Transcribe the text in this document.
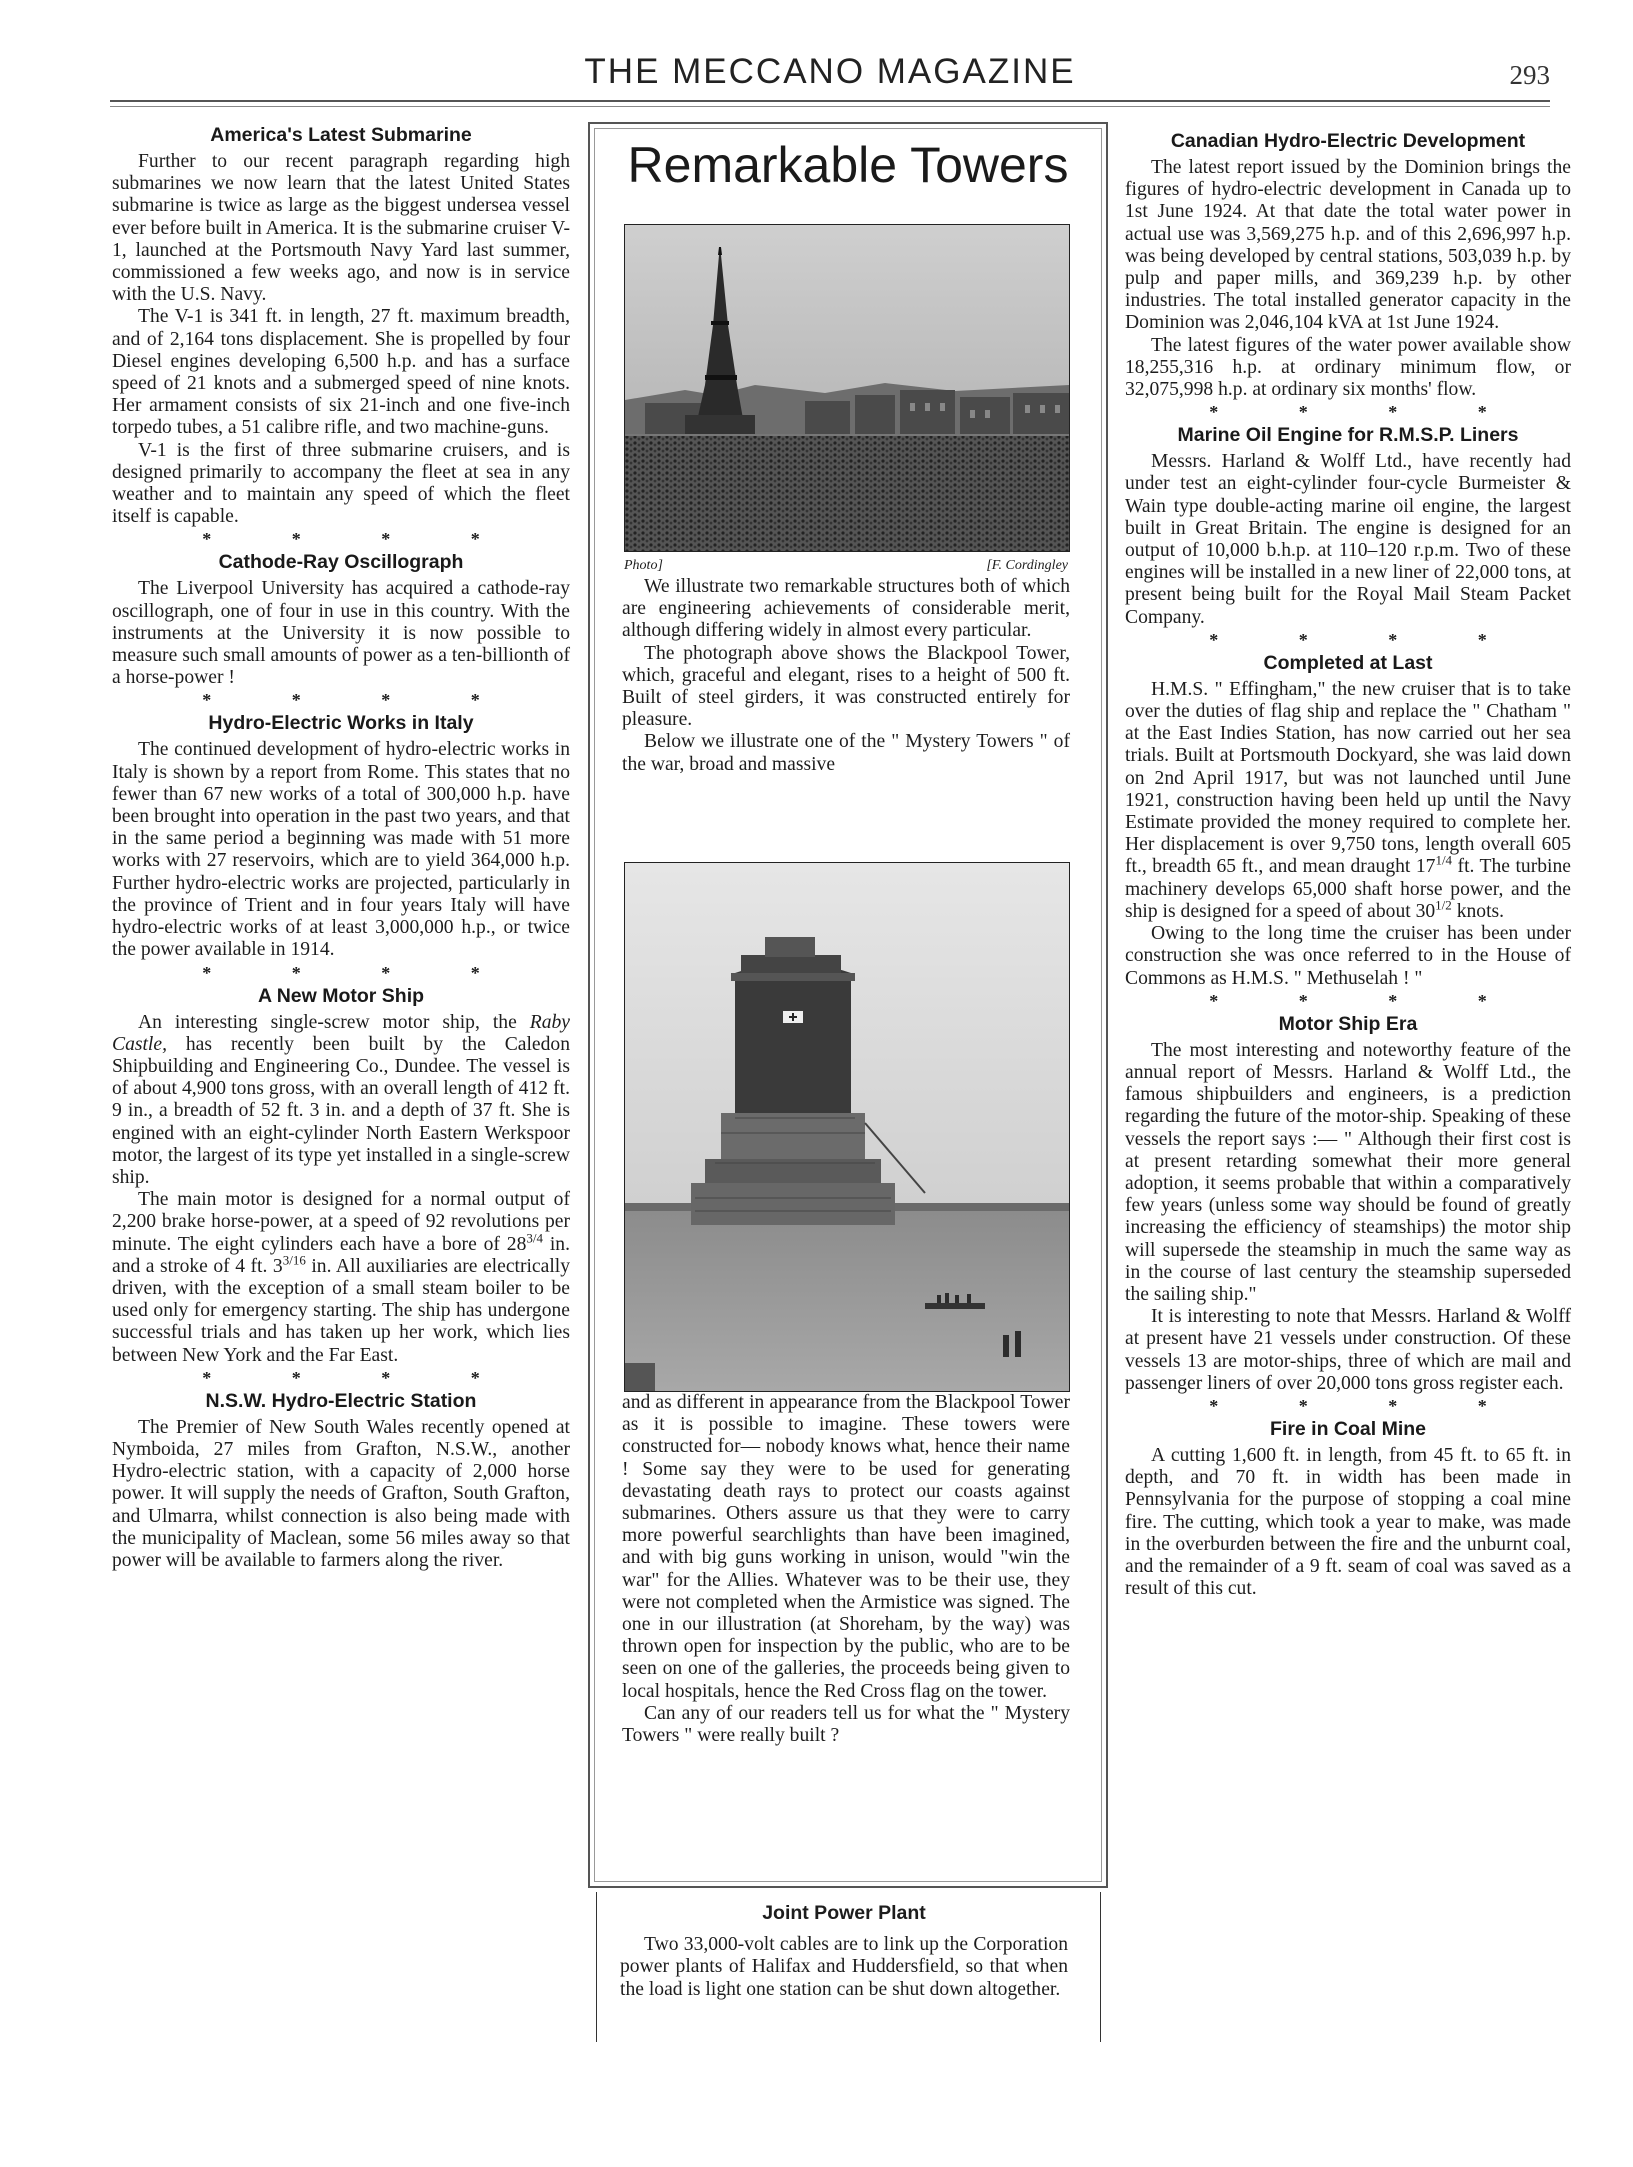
THE MECCANO MAGAZINE	293
America's Latest Submarine

Further to our recent paragraph regarding high submarines we now learn that the latest United States submarine is twice as large as the biggest undersea vessel ever before built in America. It is the submarine cruiser V-1, launched at the Portsmouth Navy Yard last summer, commissioned a few weeks ago, and now is in service with the U.S. Navy.

The V-1 is 341 ft. in length, 27 ft. maximum breadth, and of 2,164 tons displacement. She is propelled by four Diesel engines developing 6,500 h.p. and has a surface speed of 21 knots and a submerged speed of nine knots. Her armament consists of six 21-inch and one five-inch torpedo tubes, a 51 calibre rifle, and two machine-guns.

V-1 is the first of three submarine cruisers, and is designed primarily to accompany the fleet at sea in any weather and to maintain any speed of which the fleet itself is capable.

* * * *
Cathode-Ray Oscillograph

The Liverpool University has acquired a cathode-ray oscillograph, one of four in use in this country. With the instruments at the University it is now possible to measure such small amounts of power as a ten-billionth of a horse-power !

* * * *
Hydro-Electric Works in Italy

The continued development of hydro-electric works in Italy is shown by a report from Rome. This states that no fewer than 67 new works of a total of 300,000 h.p. have been brought into operation in the past two years, and that in the same period a beginning was made with 51 more works with 27 reservoirs, which are to yield 364,000 h.p. Further hydro-electric works are projected, particularly in the province of Trient and in four years Italy will have hydro-electric works of at least 3,000,000 h.p., or twice the power available in 1914.

* * * *
A New Motor Ship

An interesting single-screw motor ship, the Raby Castle, has recently been built by the Caledon Shipbuilding and Engineering Co., Dundee. The vessel is of about 4,900 tons gross, with an overall length of 412 ft. 9 in., a breadth of 52 ft. 3 in. and a depth of 37 ft. She is engined with an eight-cylinder North Eastern Werkspoor motor, the largest of its type yet installed in a single-screw ship.

The main motor is designed for a normal output of 2,200 brake horse-power, at a speed of 92 revolutions per minute. The eight cylinders each have a bore of $28^{3/4}$ in. and a stroke of 4 ft. $3^{3/16}$ in. All auxiliaries are electrically driven, with the exception of a small steam boiler to be used only for emergency starting. The ship has undergone successful trials and has taken up her work, which lies between New York and the Far East.

* * * *
N.S.W. Hydro-Electric Station

The Premier of New South Wales recently opened at Nymboida, 27 miles from Grafton, N.S.W., another Hydro-electric station, with a capacity of 2,000 horse power. It will supply the needs of Grafton, South Grafton, and Ulmarra, whilst connection is also being made with the municipality of Maclean, some 56 miles away so that power will be available to farmers along the river.

Remarkable Towers
Photo]	[F. Cordingley

We illustrate two remarkable structures both of which are engineering achievements of considerable merit, although differing widely in almost every particular.

The photograph above shows the Blackpool Tower, which, graceful and elegant, rises to a height of 500 ft. Built of steel girders, it was constructed entirely for pleasure.

Below we illustrate one of the " Mystery Towers " of the war, broad and massive

and as different in appearance from the Blackpool Tower as it is possible to imagine. These towers were constructed for— nobody knows what, hence their name ! Some say they were to be used for generating devastating death rays to protect our coasts against submarines. Others assure us that they were to carry more powerful searchlights than have been imagined, and with big guns working in unison, would "win the war" for the Allies. Whatever was to be their use, they were not completed when the Armistice was signed. The one in our illustration (at Shoreham, by the way) was thrown open for inspection by the public, who are to be seen on one of the galleries, the proceeds being given to local hospitals, hence the Red Cross flag on the tower.

Can any of our readers tell us for what the " Mystery Towers " were really built ?

Joint Power Plant

Two 33,000-volt cables are to link up the Corporation power plants of Halifax and Huddersfield, so that when the load is light one station can be shut down altogether.

Canadian Hydro-Electric Development

The latest report issued by the Dominion brings the figures of hydro-electric development in Canada up to 1st June 1924. At that date the total water power in actual use was 3,569,275 h.p. and of this 2,696,997 h.p. was being developed by central stations, 503,039 h.p. by pulp and paper mills, and 369,239 h.p. by other industries. The total installed generator capacity in the Dominion was 2,046,104 kVA at 1st June 1924.

The latest figures of the water power available show 18,255,316 h.p. at ordinary minimum flow, or 32,075,998 h.p. at ordinary six months' flow.

* * * *
Marine Oil Engine for R.M.S.P. Liners

Messrs. Harland & Wolff Ltd., have recently had under test an eight-cylinder four-cycle Burmeister & Wain type double-acting marine oil engine, the largest built in Great Britain. The engine is designed for an output of 10,000 b.h.p. at 110–120 r.p.m. Two of these engines will be installed in a new liner of 22,000 tons, at present being built for the Royal Mail Steam Packet Company.

* * * *
Completed at Last

H.M.S. " Effingham," the new cruiser that is to take over the duties of flag ship and replace the " Chatham " at the East Indies Station, has now carried out her sea trials. Built at Portsmouth Dockyard, she was laid down on 2nd April 1917, but was not launched until June 1921, construction having been held up until the Navy Estimate provided the money required to complete her. Her displacement is over 9,750 tons, length overall 605 ft., breadth 65 ft., and mean draught $17^{1/4}$ ft. The turbine machinery develops 65,000 shaft horse power, and the ship is designed for a speed of about $30^{1/2}$ knots.

Owing to the long time the cruiser has been under construction she was once referred to in the House of Commons as H.M.S. " Methuselah ! "

* * * *
Motor Ship Era

The most interesting and noteworthy feature of the annual report of Messrs. Harland & Wolff Ltd., the famous shipbuilders and engineers, is a prediction regarding the future of the motor-ship. Speaking of these vessels the report says :— " Although their first cost is at present retarding somewhat their more general adoption, it seems probable that within a comparatively few years (unless some way should be found of greatly increasing the efficiency of steamships) the motor ship will supersede the steamship in much the same way as in the course of last century the steamship superseded the sailing ship."

It is interesting to note that Messrs. Harland & Wolff at present have 21 vessels under construction. Of these vessels 13 are motor-ships, three of which are mail and passenger liners of over 20,000 tons gross register each.

* * * *
Fire in Coal Mine

A cutting 1,600 ft. in length, from 45 ft. to 65 ft. in depth, and 70 ft. in width has been made in Pennsylvania for the purpose of stopping a coal mine fire. The cutting, which took a year to make, was made in the overburden between the fire and the unburnt coal, and the remainder of a 9 ft. seam of coal was saved as a result of this cut.
